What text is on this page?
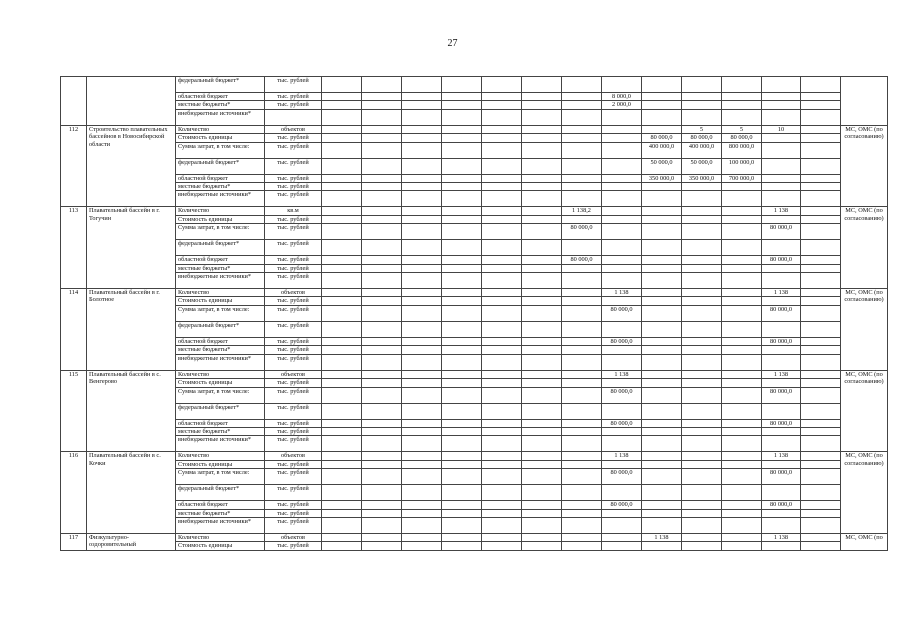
27
		федеральный бюджет*	тыс. рублей															
		областной бюджет	тыс. рублей								8 000,0							
		местные бюджеты*	тыс. рублей								2 000,0							
		внебюджетные источники*																
112	Строительство плавательных бассейнов в Новосибирской области	Количество	объектов										5	5	10		МС, ОМС (по согласованию)	
		Стоимость единицы	тыс. рублей									80 000,0	80 000,0	80 000,0				
		Сумма затрат, в том числе:	тыс. рублей									400 000,0	400 000,0	800 000,0				
		федеральный бюджет*	тыс. рублей									50 000,0	50 000,0	100 000,0				
		областной бюджет	тыс. рублей									350 000,0	350 000,0	700 000,0				
		местные бюджеты*	тыс. рублей															
		внебюджетные источники*	тыс. рублей															
113	Плавательный бассейн в г. Тогучин	Количество	кв.м							1 138,2					1 138		МС, ОМС (по согласованию)	
		Стоимость единицы	тыс. рублей															
		Сумма затрат, в том числе:	тыс. рублей							80 000,0					80 000,0			
		федеральный бюджет*	тыс. рублей															
		областной бюджет	тыс. рублей							80 000,0					80 000,0			
		местные бюджеты*	тыс. рублей															
		внебюджетные источники*	тыс. рублей															
114	Плавательный бассейн в г. Болотное	Количество	объектов								1 138				1 138		МС, ОМС (по согласованию)	
		Стоимость единицы	тыс. рублей															
		Сумма затрат, в том числе:	тыс. рублей								80 000,0				80 000,0			
		федеральный бюджет*	тыс. рублей															
		областной бюджет	тыс. рублей								80 000,0				80 000,0			
		местные бюджеты*	тыс. рублей															
		внебюджетные источники*	тыс. рублей															
115	Плавательный бассейн в с. Венгерово	Количество	объектов								1 138				1 138		МС, ОМС (по согласованию)	
		Стоимость единицы	тыс. рублей															
		Сумма затрат, в том числе:	тыс. рублей								80 000,0				80 000,0			
		федеральный бюджет*	тыс. рублей															
		областной бюджет	тыс. рублей								80 000,0				80 000,0			
		местные бюджеты*	тыс. рублей															
		внебюджетные источники*	тыс. рублей															
116	Плавательный бассейн в с. Кочки	Количество	объектов								1 138				1 138		МС, ОМС (по согласованию)	
		Стоимость единицы	тыс. рублей															
		Сумма затрат, в том числе:	тыс. рублей								80 000,0				80 000,0			
		федеральный бюджет*	тыс. рублей															
		областной бюджет	тыс. рублей								80 000,0				80 000,0			
		местные бюджеты*	тыс. рублей															
		внебюджетные источники*	тыс. рублей															
117	Физкультурно-оздоровительный	Количество	объектов									1 138			1 138		МС, ОМС (по	
		Стоимость единицы	тыс. рублей															
